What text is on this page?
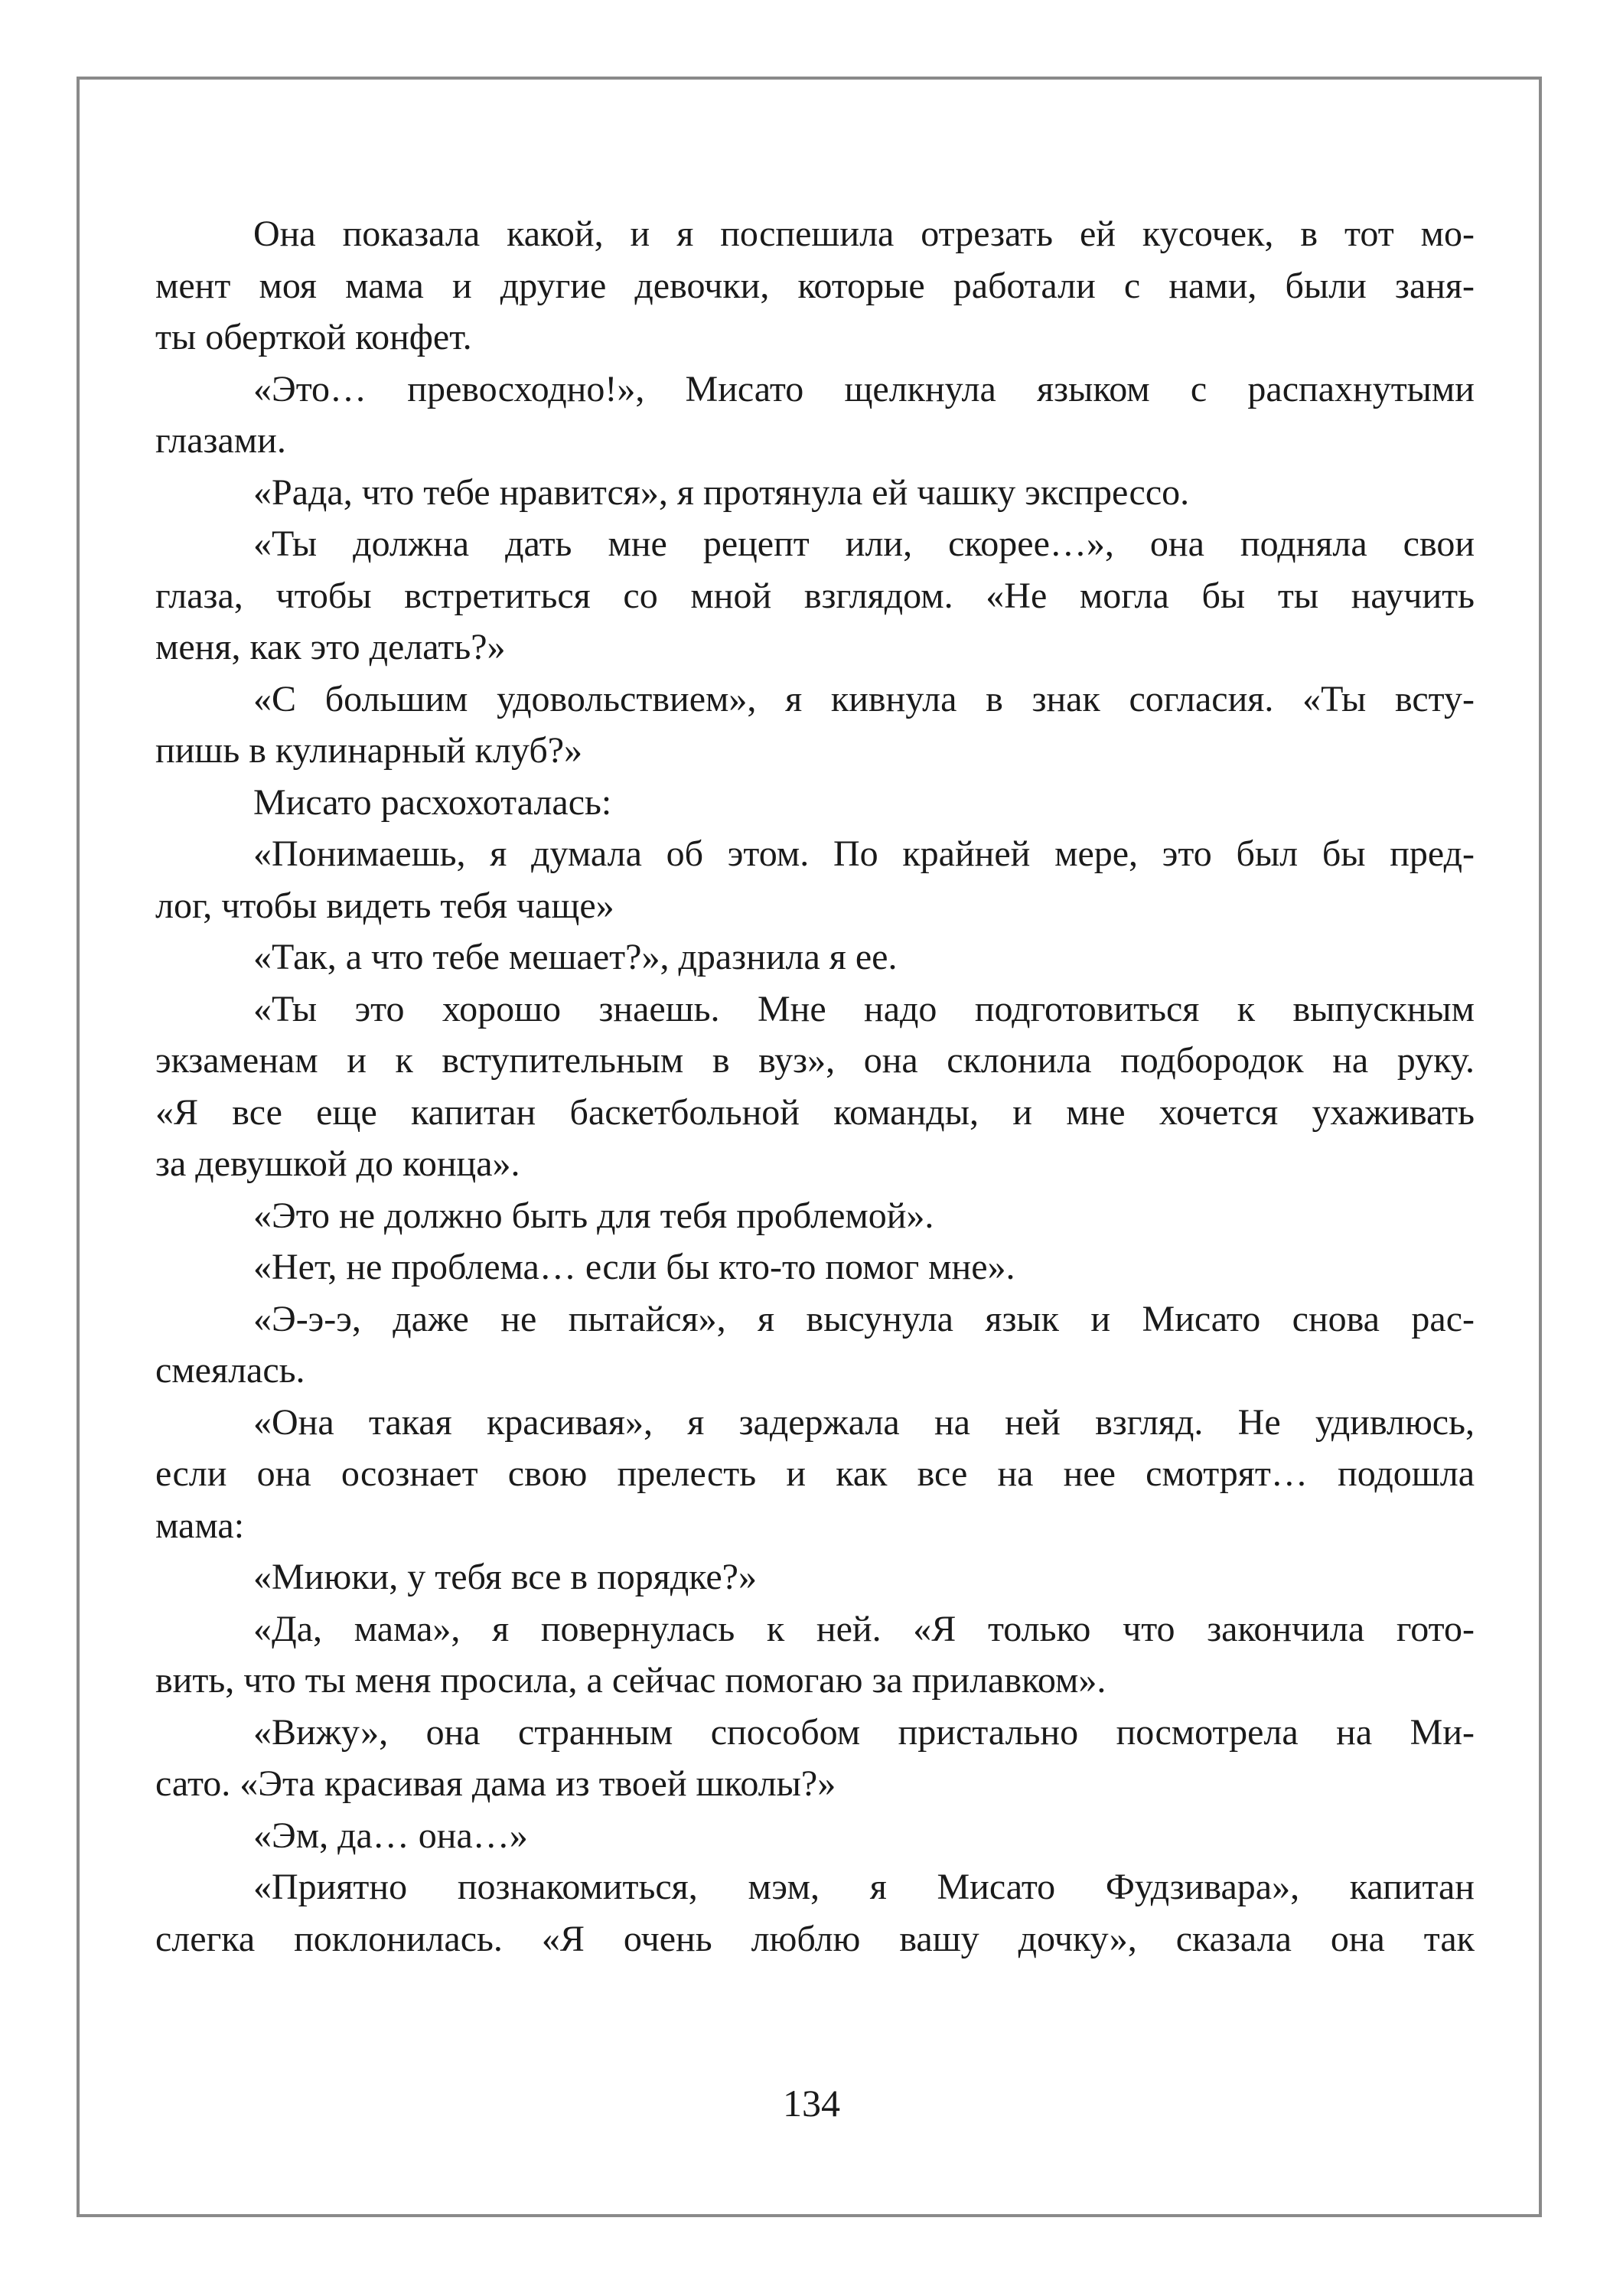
Она показала какой, и я поспешила отрезать ей кусочек, в тот мо-
мент моя мама и другие девочки, которые работали с нами, были заня-
ты оберткой конфет.
«Это… превосходно!», Мисато щелкнула языком с распахнутыми
глазами.
«Рада, что тебе нравится», я протянула ей чашку экспрессо.
«Ты должна дать мне рецепт или, скорее…», она подняла свои
глаза, чтобы встретиться со мной взглядом. «Не могла бы ты научить
меня, как это делать?»
«С большим удовольствием», я кивнула в знак согласия. «Ты всту-
пишь в кулинарный клуб?»
Мисато расхохоталась:
«Понимаешь, я думала об этом. По крайней мере, это был бы пред-
лог, чтобы видеть тебя чаще»
«Так, а что тебе мешает?», дразнила я ее.
«Ты это хорошо знаешь. Мне надо подготовиться к выпускным
экзаменам и к вступительным в вуз», она склонила подбородок на руку.
«Я все еще капитан баскетбольной команды, и мне хочется ухаживать
за девушкой до конца».
«Это не должно быть для тебя проблемой».
«Нет, не проблема… если бы кто-то помог мне».
«Э-э-э, даже не пытайся», я высунула язык и Мисато снова рас-
смеялась.
«Она такая красивая», я задержала на ней взгляд. Не удивлюсь,
если она осознает свою прелесть и как все на нее смотрят… подошла
мама:
«Миюки, у тебя все в порядке?»
«Да, мама», я повернулась к ней. «Я только что закончила гото-
вить, что ты меня просила, а сейчас помогаю за прилавком».
«Вижу», она странным способом пристально посмотрела на Ми-
сато. «Эта красивая дама из твоей школы?»
«Эм, да… она…»
«Приятно познакомиться, мэм, я Мисато Фудзивара», капитан
слегка поклонилась. «Я очень люблю вашу дочку», сказала она так
134
